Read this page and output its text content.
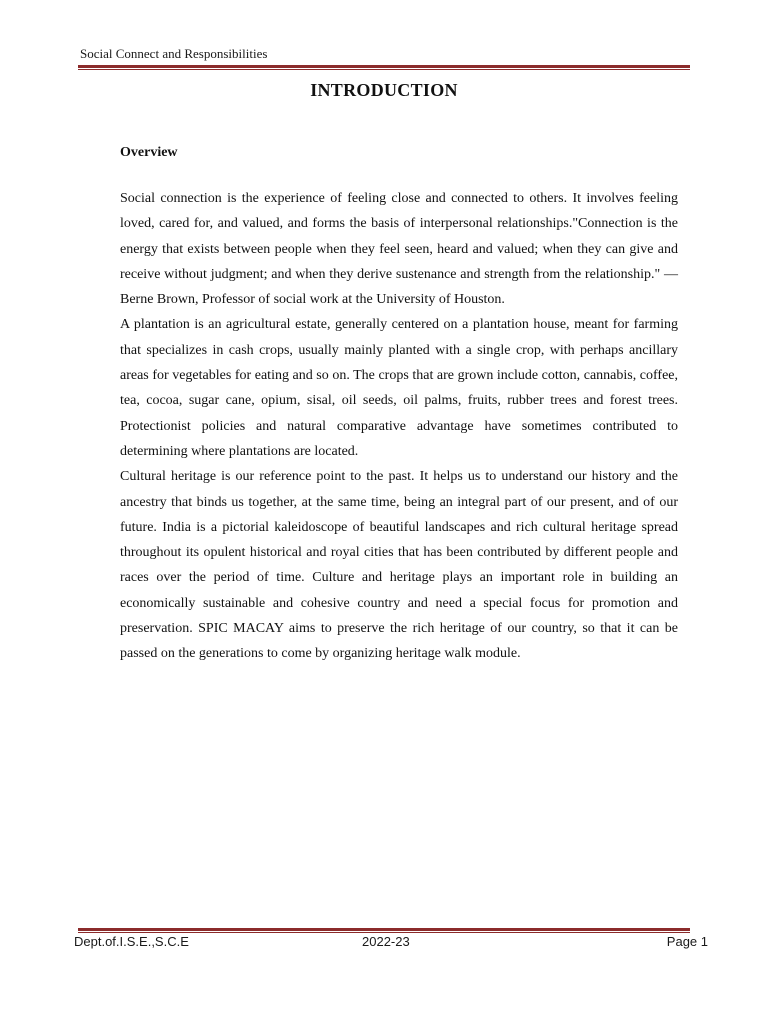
Social Connect and Responsibilities
INTRODUCTION
Overview

Social connection is the experience of feeling close and connected to others. It involves feeling loved, cared for, and valued, and forms the basis of interpersonal relationships."Connection is the energy that exists between people when they feel seen, heard and valued; when they can give and receive without judgment; and when they derive sustenance and strength from the relationship." —Berne Brown, Professor of social work at the University of Houston.

A plantation is an agricultural estate, generally centered on a plantation house, meant for farming that specializes in cash crops, usually mainly planted with a single crop, with perhaps ancillary areas for vegetables for eating and so on. The crops that are grown include cotton, cannabis, coffee, tea, cocoa, sugar cane, opium, sisal, oil seeds, oil palms, fruits, rubber trees and forest trees. Protectionist policies and natural comparative advantage have sometimes contributed to determining where plantations are located.

Cultural heritage is our reference point to the past. It helps us to understand our history and the ancestry that binds us together, at the same time, being an integral part of our present, and of our future. India is a pictorial kaleidoscope of beautiful landscapes and rich cultural heritage spread throughout its opulent historical and royal cities that has been contributed by different people and races over the period of time. Culture and heritage plays an important role in building an economically sustainable and cohesive country and need a special focus for promotion and preservation. SPIC MACAY aims to preserve the rich heritage of our country, so that it can be passed on the generations to come by organizing heritage walk module.

Dept.of.I.S.E.,S.C.E	2022-23	Page 1
